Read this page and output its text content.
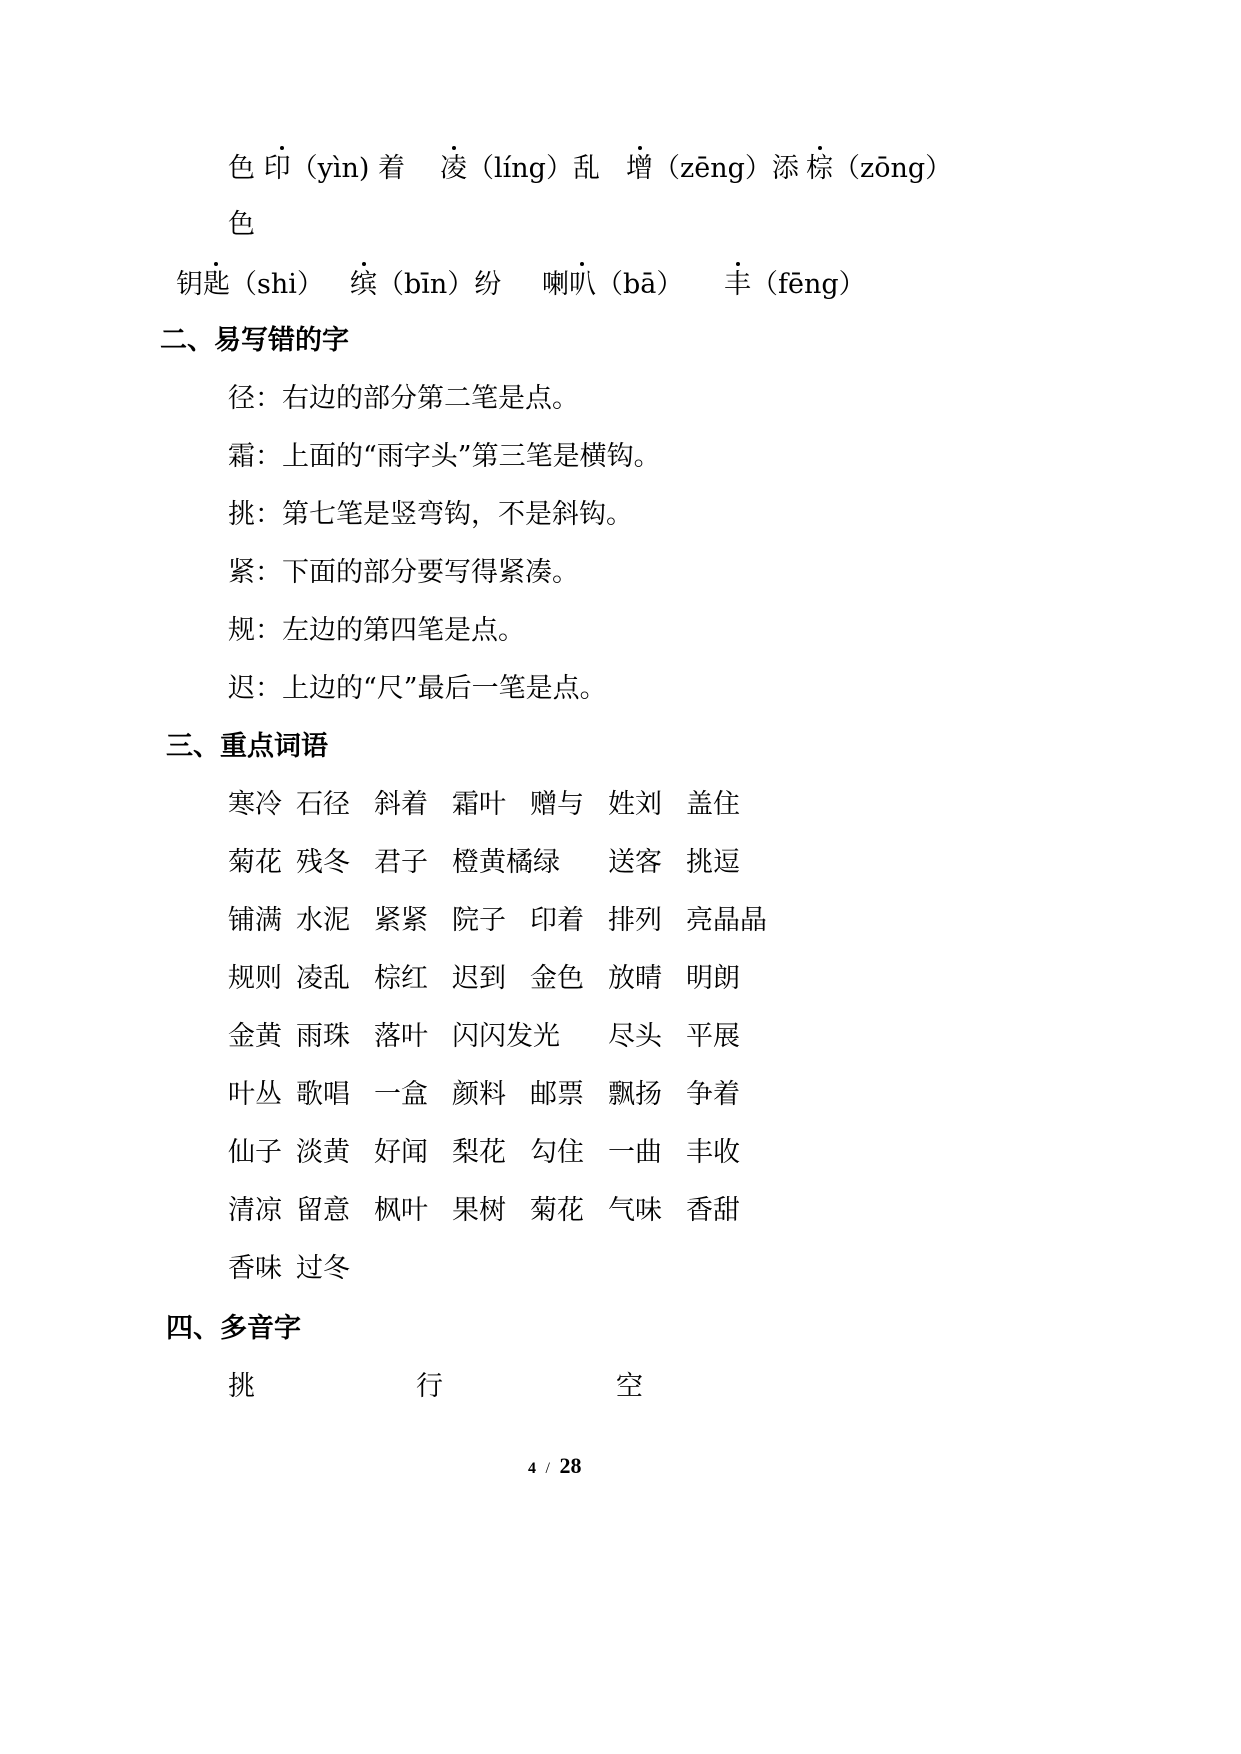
色 印（yìn) 着 凌（líng）乱 增（zēng）添 棕（zōng）
色
钥匙（shi） 缤（bīn）纷 喇叭（bā） 丰（fēng）
二、易写错的字
径：右边的部分第二笔是点。
霜：上面的“雨字头”第三笔是横钩。
挑：第七笔是竖弯钩，不是斜钩。
紧：下面的部分要写得紧凑。
规：左边的第四笔是点。
迟：上边的“尺”最后一笔是点。
三、重点词语
寒冷 石径 斜着 霜叶 赠与 姓刘 盖住
菊花 残冬 君子 橙黄橘绿 送客 挑逗
铺满 水泥 紧紧 院子 印着 排列 亮晶晶
规则 凌乱 棕红 迟到 金色 放晴 明朗
金黄 雨珠 落叶 闪闪发光 尽头 平展
叶丛 歌唱 一盒 颜料 邮票 飘扬 争着
仙子 淡黄 好闻 梨花 勾住 一曲 丰收
清凉 留意 枫叶 果树 菊花 气味 香甜
香味 过冬
四、多音字
挑	行	空
4 / 28
